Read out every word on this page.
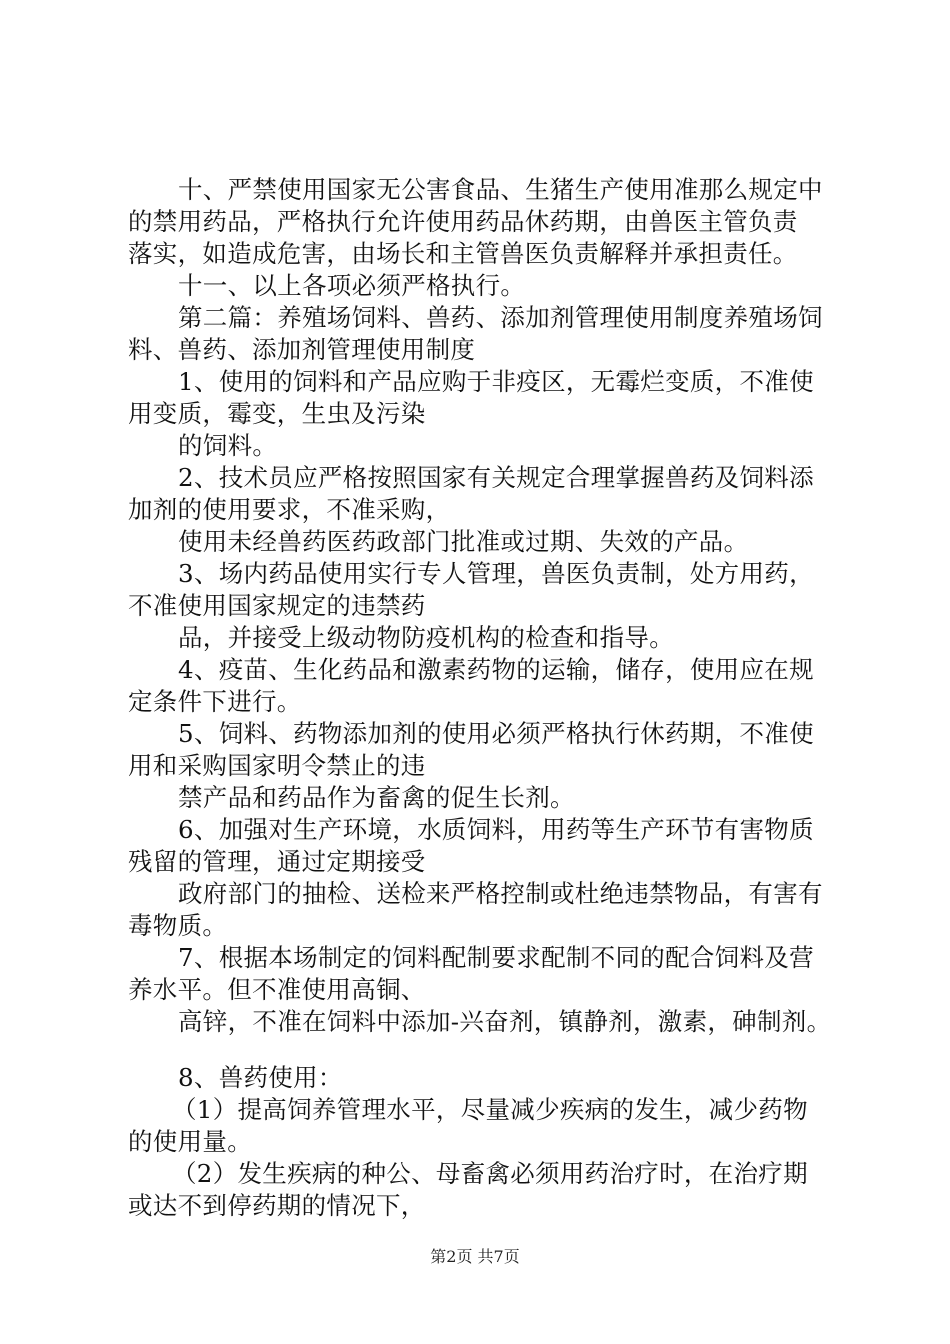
十、严禁使用国家无公害食品、生猪生产使用准那么规定中
的禁用药品，严格执行允许使用药品休药期，由兽医主管负责
落实，如造成危害，由场长和主管兽医负责解释并承担责任。
十一、以上各项必须严格执行。
第二篇：养殖场饲料、兽药、添加剂管理使用制度养殖场饲
料、兽药、添加剂管理使用制度
1、使用的饲料和产品应购于非疫区，无霉烂变质，不准使
用变质，霉变，生虫及污染
的饲料。
2、技术员应严格按照国家有关规定合理掌握兽药及饲料添
加剂的使用要求，不准采购，
使用未经兽药医药政部门批准或过期、失效的产品。
3、场内药品使用实行专人管理，兽医负责制，处方用药，
不准使用国家规定的违禁药
品，并接受上级动物防疫机构的检查和指导。
4、疫苗、生化药品和激素药物的运输，储存，使用应在规
定条件下进行。
5、饲料、药物添加剂的使用必须严格执行休药期，不准使
用和采购国家明令禁止的违
禁产品和药品作为畜禽的促生长剂。
6、加强对生产环境，水质饲料，用药等生产环节有害物质
残留的管理，通过定期接受
政府部门的抽检、送检来严格控制或杜绝违禁物品，有害有
毒物质。
7、根据本场制定的饲料配制要求配制不同的配合饲料及营
养水平。但不准使用高铜、
高锌，不准在饲料中添加-兴奋剂，镇静剂，激素，砷制剂。
8、兽药使用：
（1）提高饲养管理水平，尽量减少疾病的发生，减少药物
的使用量。
（2）发生疾病的种公、母畜禽必须用药治疗时，在治疗期
或达不到停药期的情况下，
第2页 共7页
